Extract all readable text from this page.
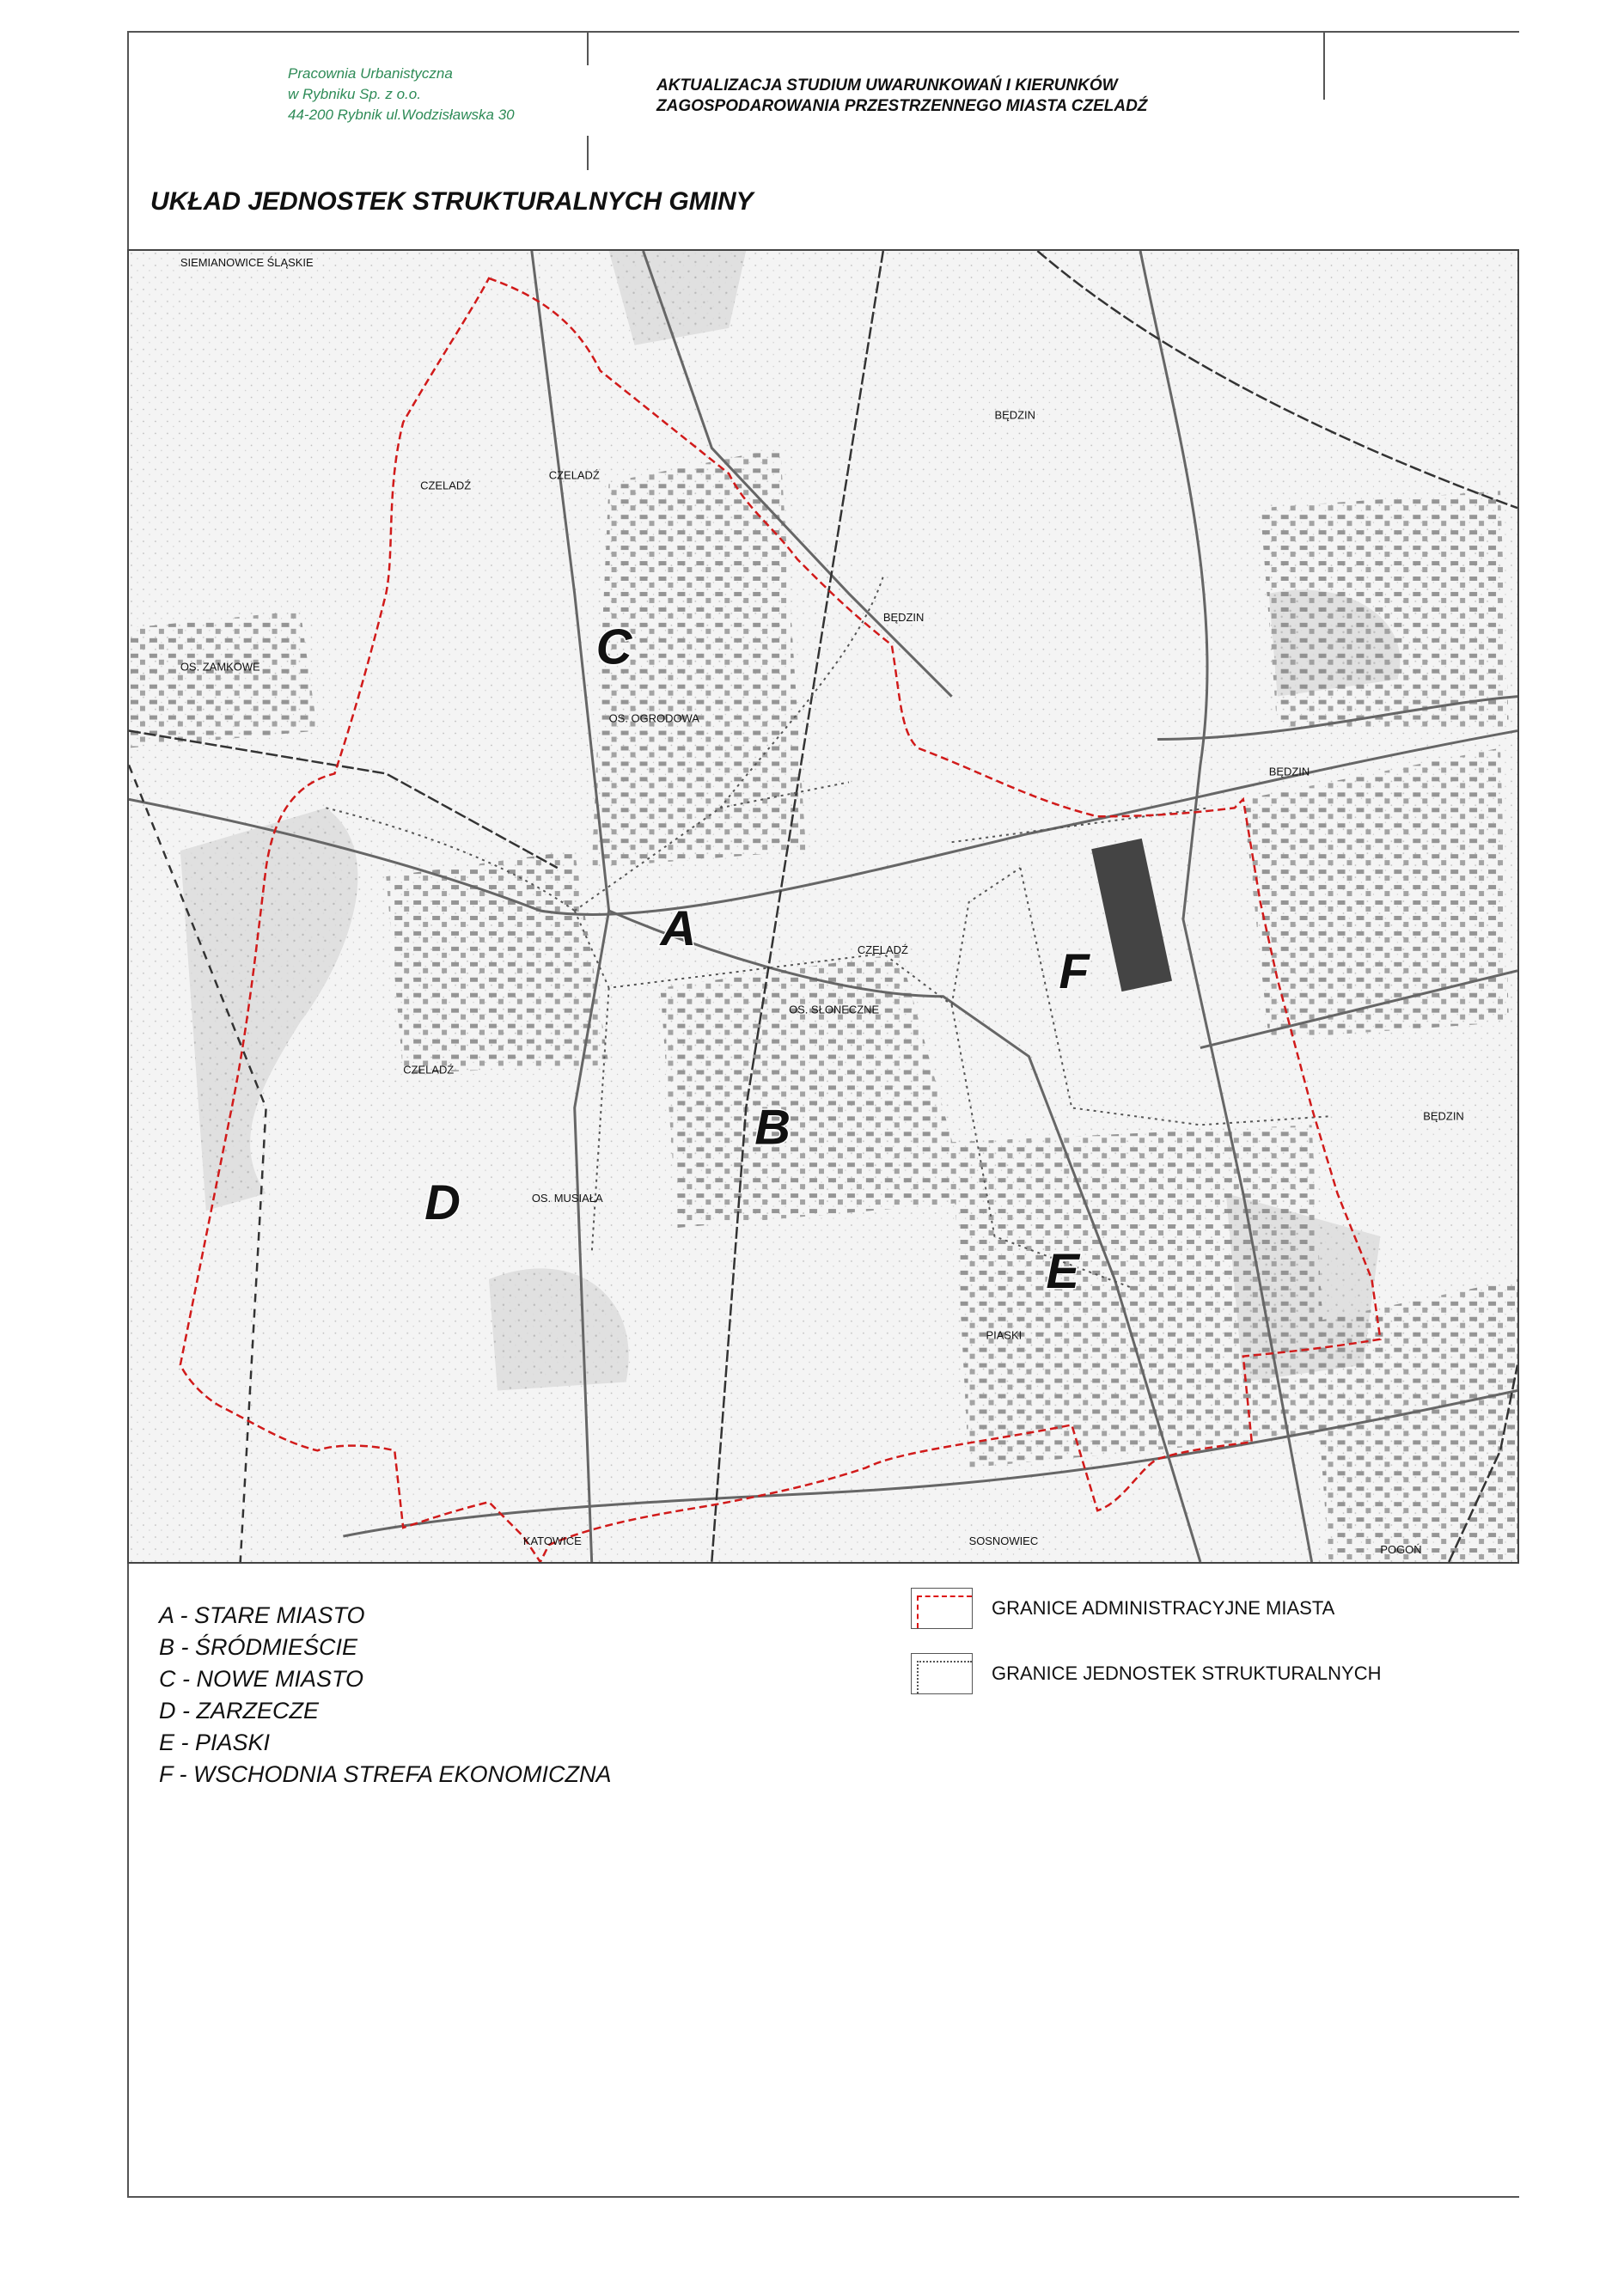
Pracownia Urbanistyczna
w Rybniku Sp. z o.o.
44-200 Rybnik ul.Wodzisławska 30
AKTUALIZACJA STUDIUM UWARUNKOWAŃ I KIERUNKÓW
ZAGOSPODAROWANIA PRZESTRZENNEGO MIASTA CZELADŹ
UKŁAD JEDNOSTEK STRUKTURALNYCH GMINY
SIEMIANOWICE ŚLĄSKIE
BĘDZIN
BĘDZIN
BĘDZIN
BĘDZIN
CZELADŹ
CZELADŹ
CZELADŹ
CZELADŹ
KATOWICE	SOSNOWIEC
OS. ZAMKOWE
OS. OGRODOWA
OS. SŁONECZNE
OS. MUSIAŁA
PIASKI
POGOŃ
A
B
C
D
E
F
A - STARE MIASTO
B - ŚRÓDMIEŚCIE
C - NOWE MIASTO
D - ZARZECZE
E - PIASKI
F - WSCHODNIA STREFA EKONOMICZNA
GRANICE ADMINISTRACYJNE MIASTA
GRANICE JEDNOSTEK STRUKTURALNYCH
